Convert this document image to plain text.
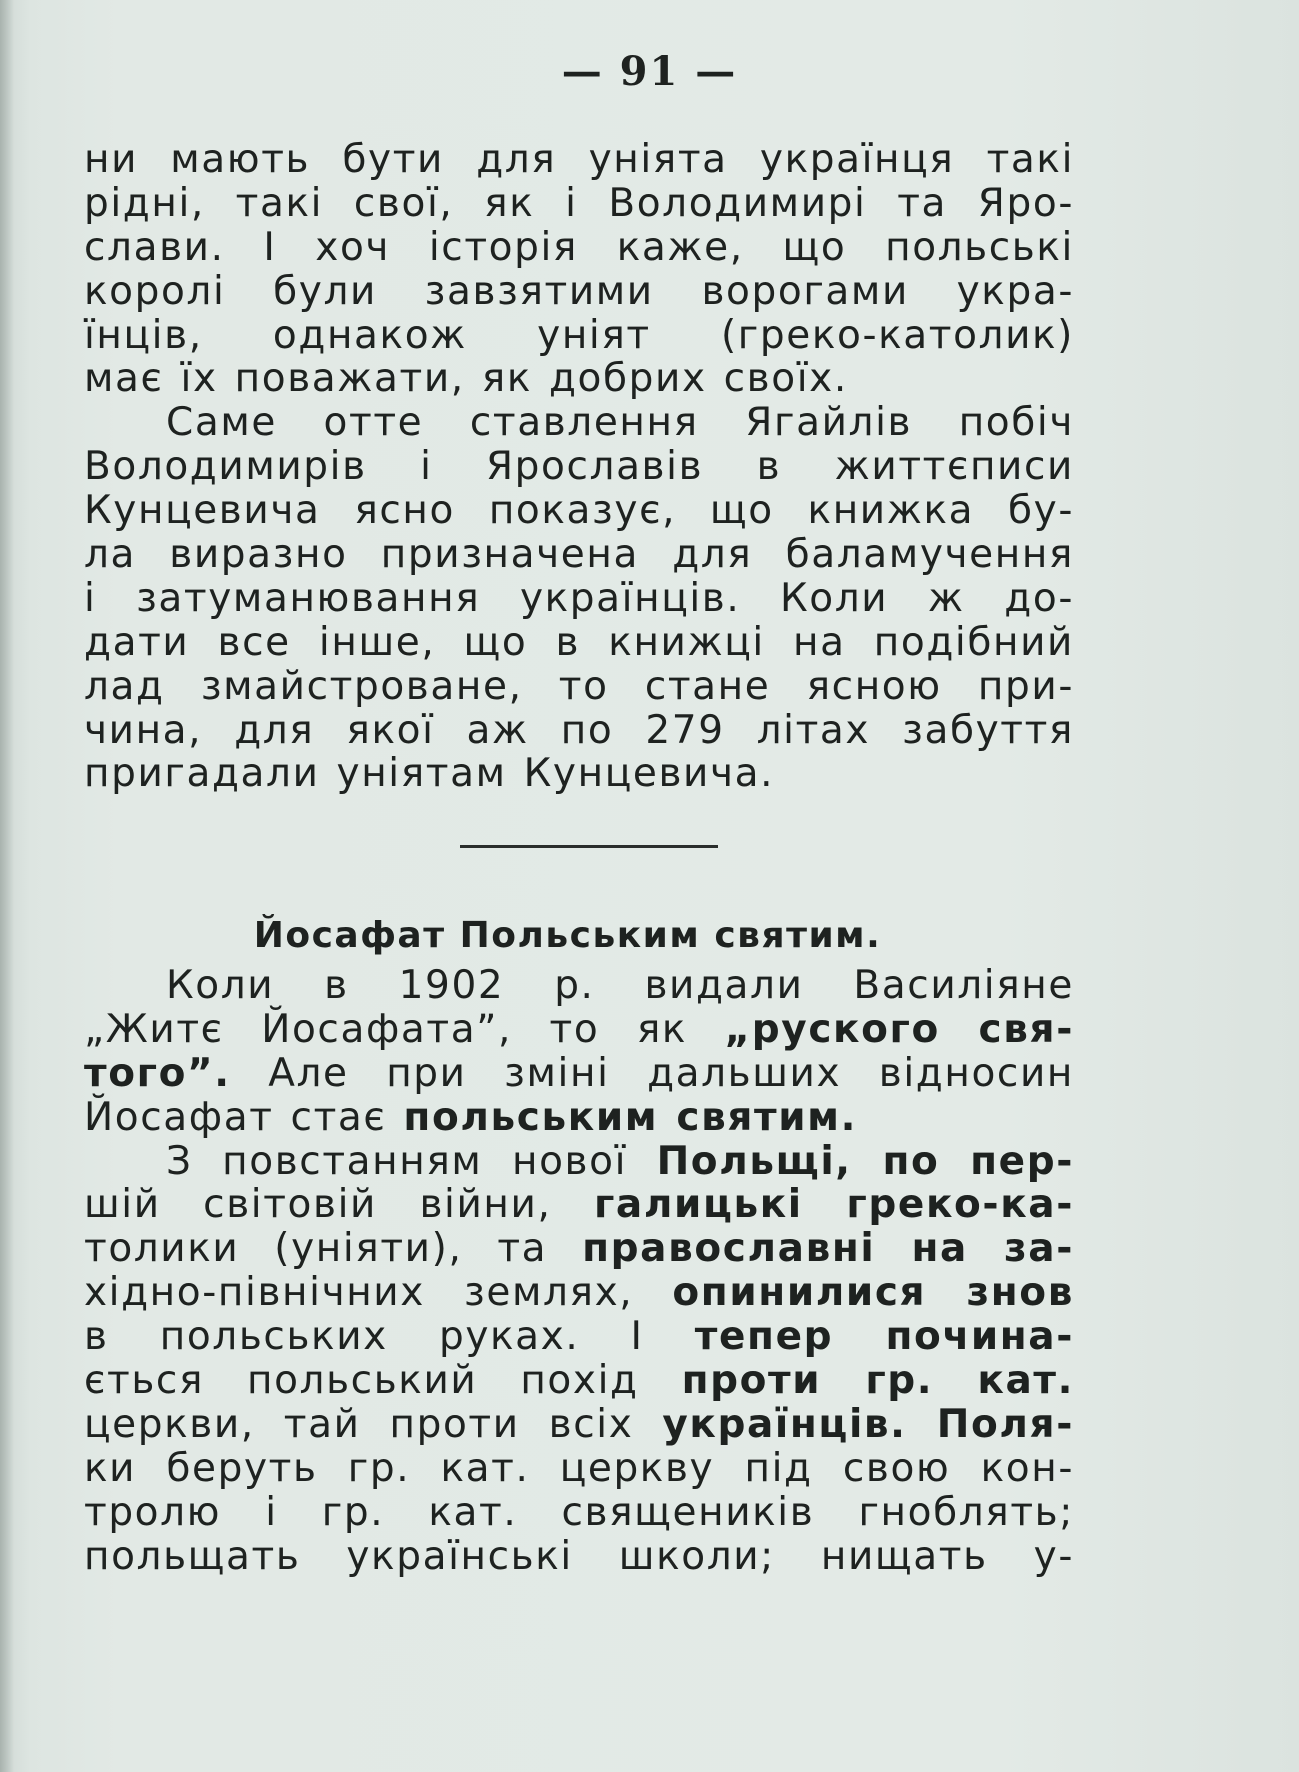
— 91 —
ни мають бути для уніята українця такі
рідні, такі свої, як і Володимирі та Яро-
слави. І хоч історія каже, що польські
королі були завзятими ворогами укра-
їнців, однакож уніят (греко-католик)
має їх поважати, як добрих своїх.
Саме отте ставлення Ягайлів побіч
Володимирів і Ярославів в життєписи
Кунцевича ясно показує, що книжка бу-
ла виразно призначена для баламучення
і затуманювання українців. Коли ж до-
дати все інше, що в книжці на подібний
лад змайстроване, то стане ясною при-
чина, для якої аж по 279 літах забуття
пригадали уніятам Кунцевича.
Йосафат Польським святим.
Коли в 1902 р. видали Василіяне
„Житє Йосафата”, то як „руского свя-
того”. Але при зміні дальших відносин
Йосафат стає польським святим.
З повстанням нової Польщі, по пер-
шій світовій війни, галицькі греко-ка-
толики (уніяти), та православні на за-
хідно-північних землях, опинилися знов
в польських руках. І тепер почина-
ється польський похід проти гр. кат.
церкви, тай проти всіх українців. Поля-
ки беруть гр. кат. церкву під свою кон-
тролю і гр. кат. священиків гноблять;
польщать українські школи; нищать у-
